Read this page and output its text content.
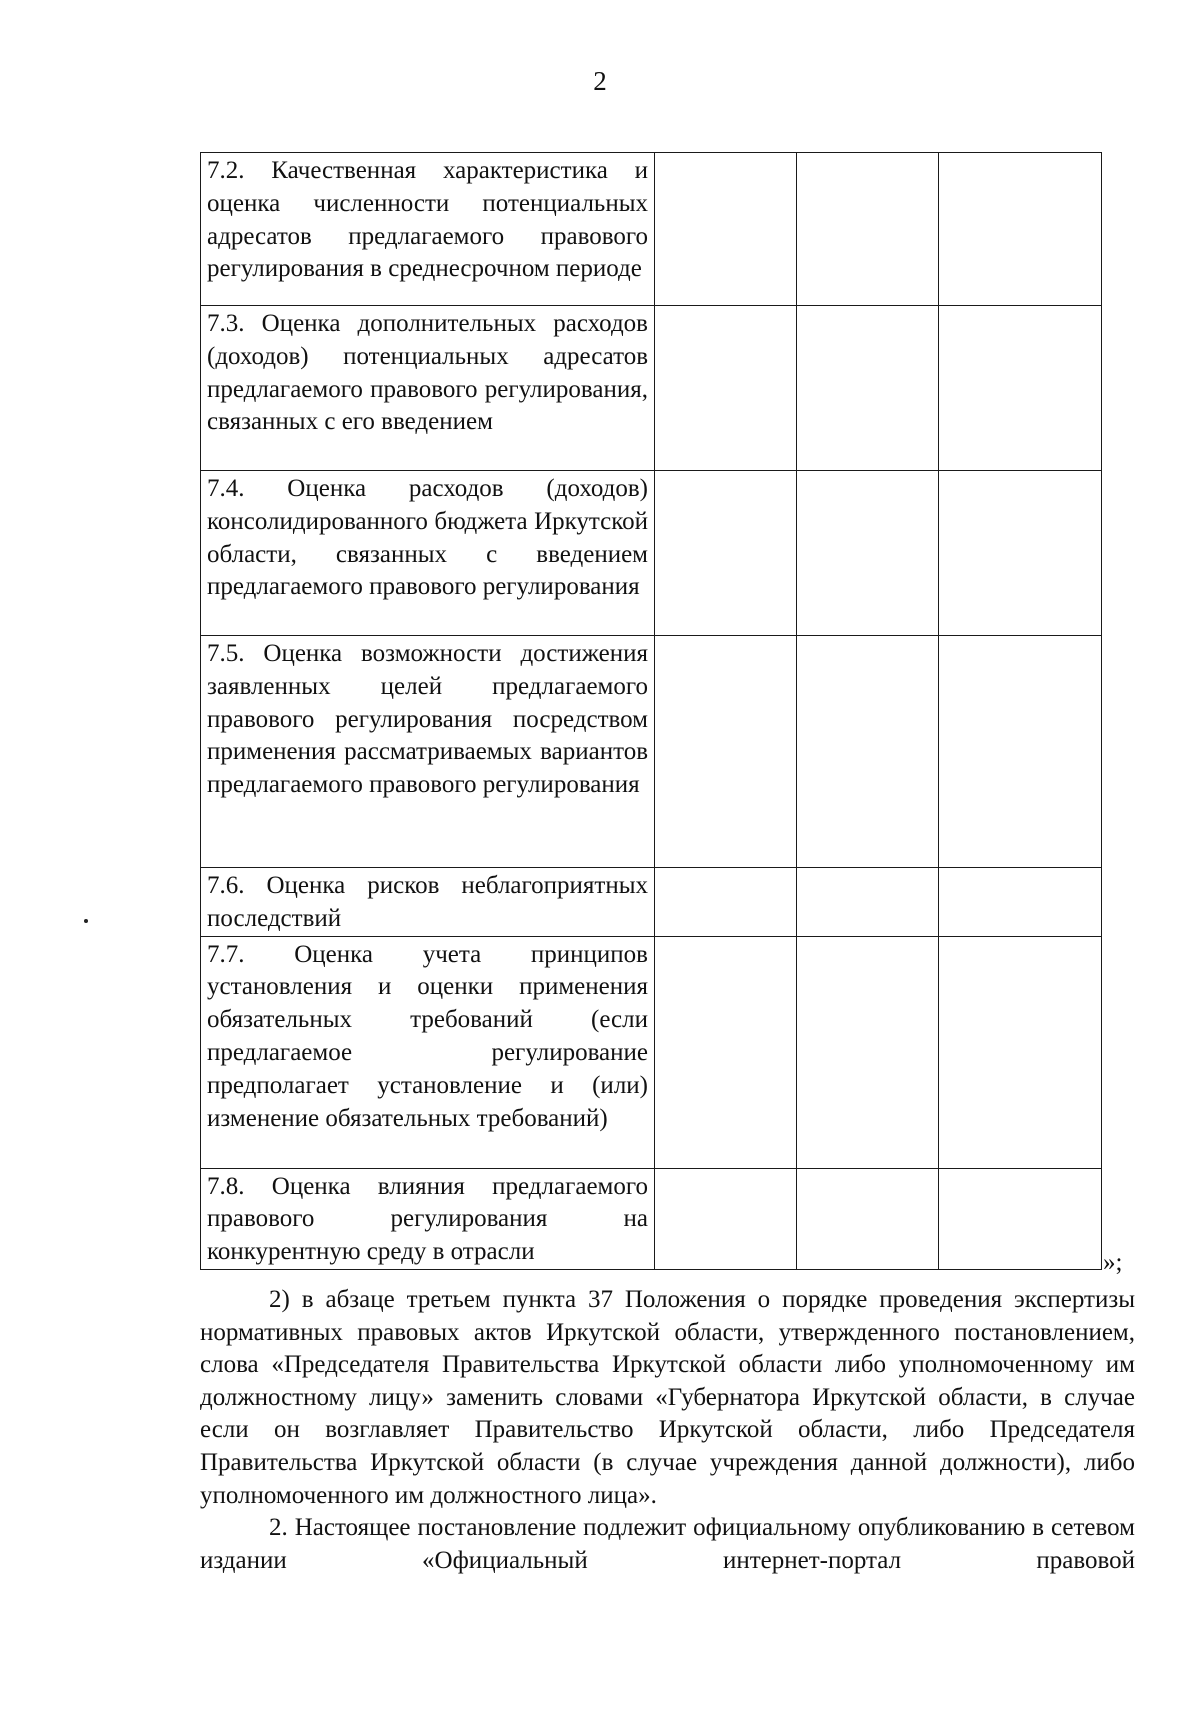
2
7.2. Качественная характеристика и оценка численности потенциальных адресатов предлагаемого правового регулирования в среднесрочном периоде			

7.3. Оценка дополнительных расходов (доходов) потенциальных адресатов предлагаемого правового регулирования, связанных с его введением			

7.4. Оценка расходов (доходов) консолидированного бюджета Иркутской области, связанных с введением предлагаемого правового регулирования			

7.5. Оценка возможности достижения заявленных целей предлагаемого правового регулирования посредством применения рассматриваемых вариантов предлагаемого правового регулирования			

7.6. Оценка рисков неблагоприятных последствий			

7.7. Оценка учета принципов установления и оценки применения обязательных требований (если предлагаемое регулирование предполагает установление и (или) изменение обязательных требований)			

7.8. Оценка влияния предлагаемого правового регулирования на конкурентную среду в отрасли			
				»;

2) в абзаце третьем пункта 37 Положения о порядке проведения экспертизы нормативных правовых актов Иркутской области, утвержденного постановлением, слова «Председателя Правительства Иркутской области либо уполномоченному им должностному лицу» заменить словами «Губернатора Иркутской области, в случае если он возглавляет Правительство Иркутской области, либо Председателя Правительства Иркутской области (в случае учреждения данной должности), либо уполномоченного им должностного лица».

2. Настоящее постановление подлежит официальному опубликованию в сетевом издании «Официальный интернет-портал правовой
